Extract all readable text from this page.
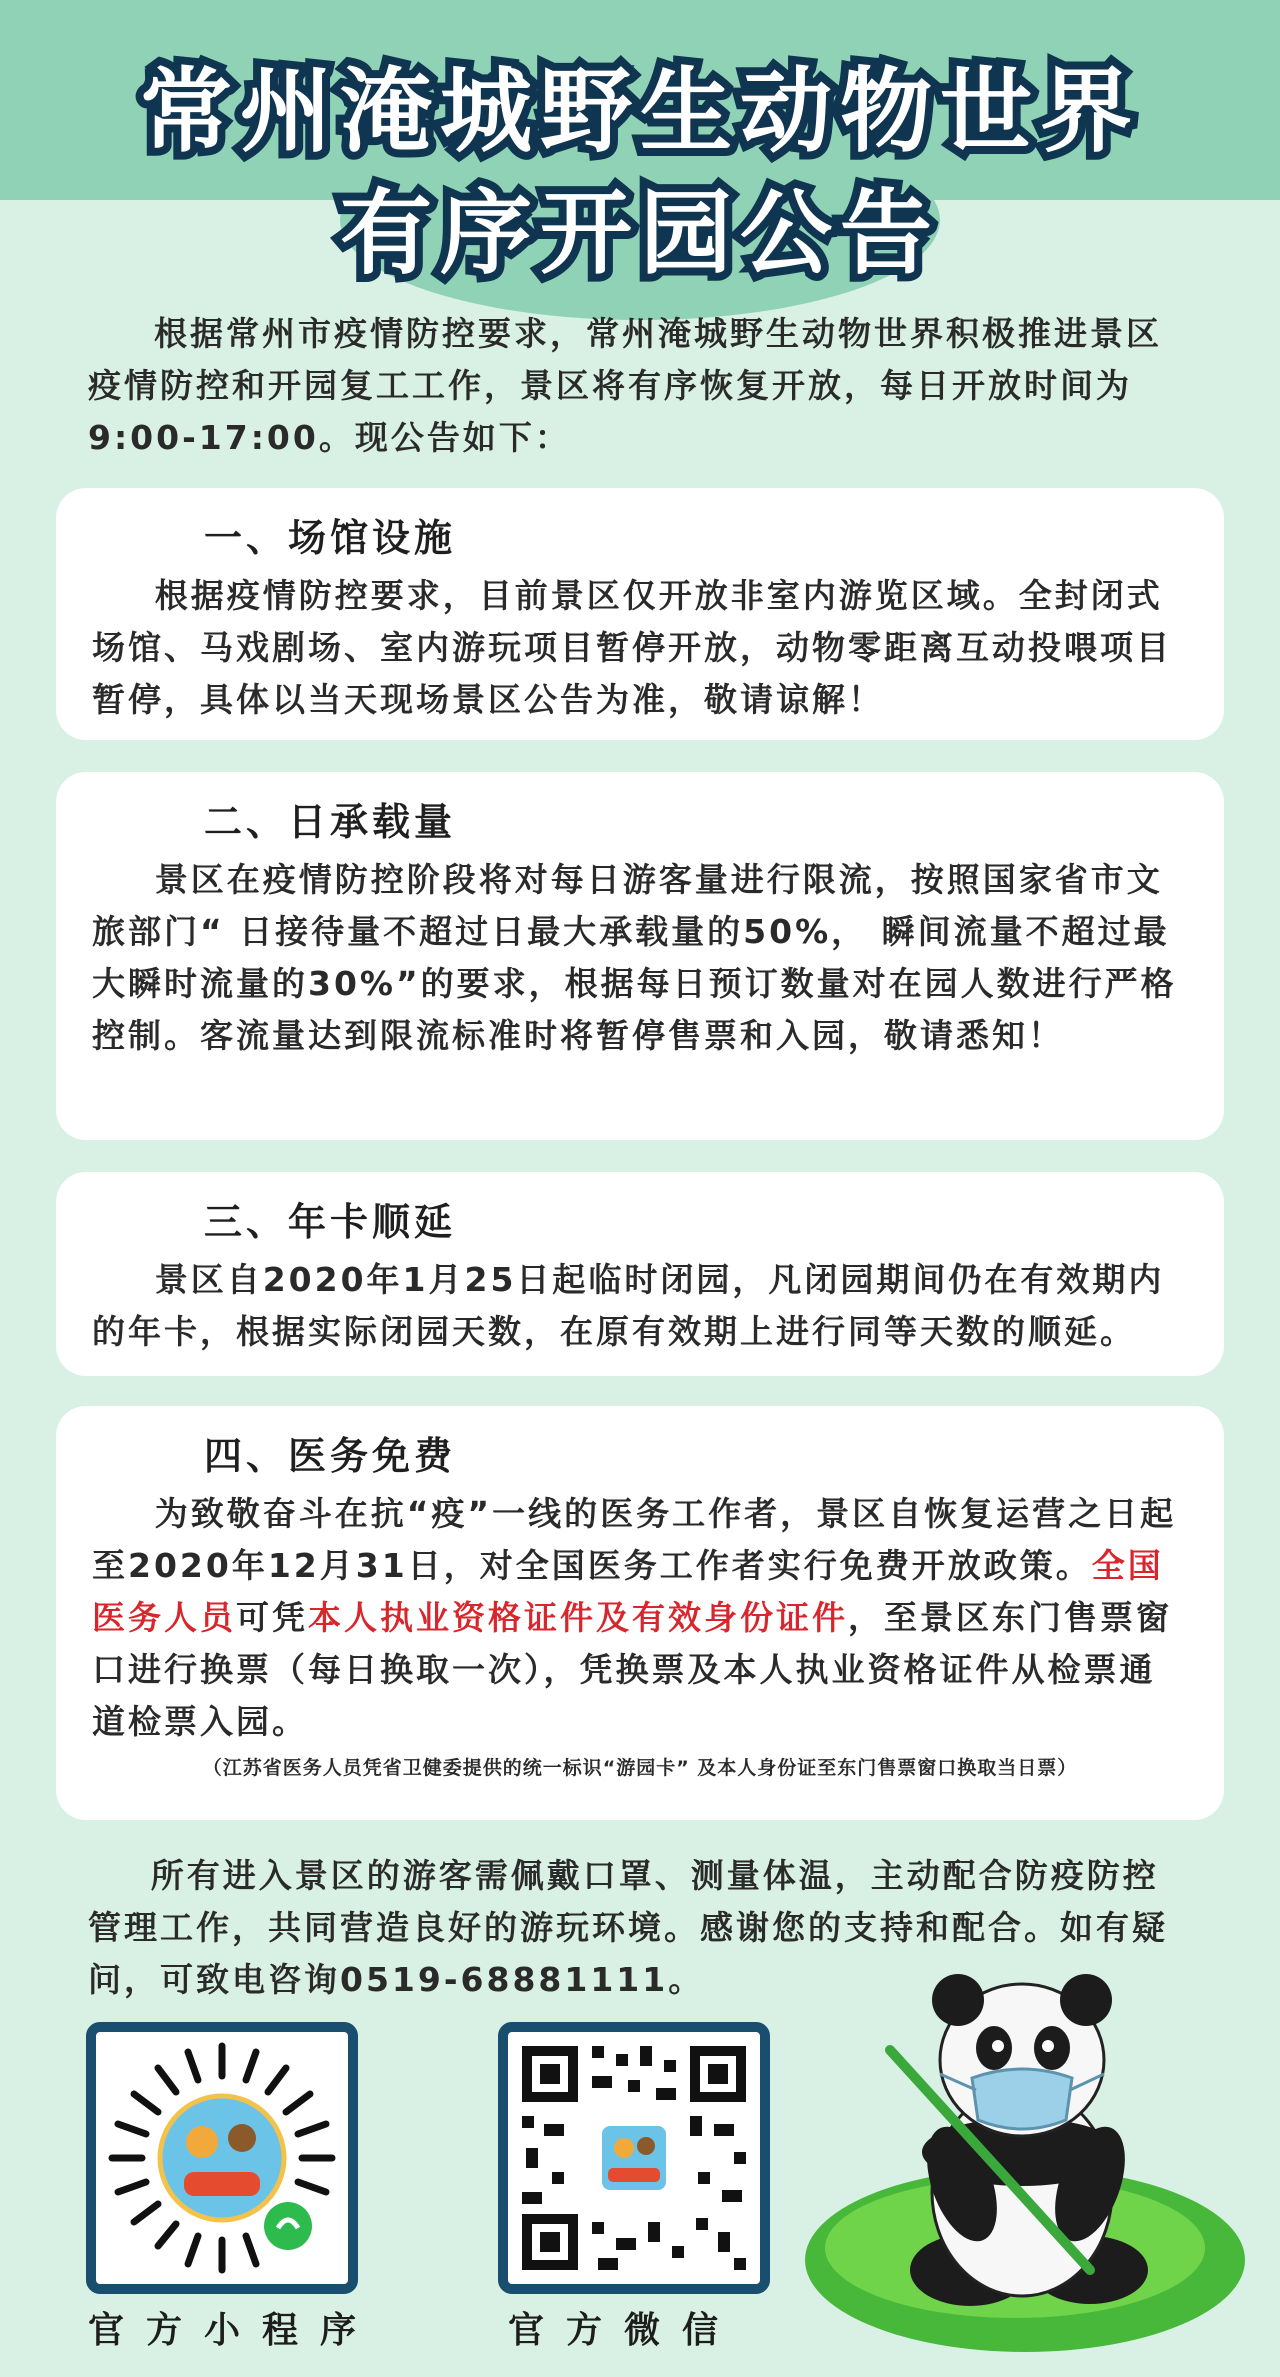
常州淹城野生动物世界
有序开园公告
根据常州市疫情防控要求，常州淹城野生动物世界积极推进景区疫情防控和开园复工工作，景区将有序恢复开放，每日开放时间为9:00-17:00。现公告如下：
一、场馆设施

根据疫情防控要求，目前景区仅开放非室内游览区域。全封闭式场馆、马戏剧场、室内游玩项目暂停开放，动物零距离互动投喂项目暂停，具体以当天现场景区公告为准，敬请谅解！

二、日承载量

景区在疫情防控阶段将对每日游客量进行限流，按照国家省市文旅部门“ 日接待量不超过日最大承载量的50%， 瞬间流量不超过最大瞬时流量的30%”的要求，根据每日预订数量对在园人数进行严格控制。客流量达到限流标准时将暂停售票和入园，敬请悉知！

三、年卡顺延

景区自2020年1月25日起临时闭园，凡闭园期间仍在有效期内的年卡，根据实际闭园天数，在原有效期上进行同等天数的顺延。

四、医务免费

为致敬奋斗在抗“疫”一线的医务工作者，景区自恢复运营之日起至2020年12月31日，对全国医务工作者实行免费开放政策。全国医务人员可凭本人执业资格证件及有效身份证件，至景区东门售票窗口进行换票（每日换取一次），凭换票及本人执业资格证件从检票通道检票入园。
（江苏省医务人员凭省卫健委提供的统一标识“游园卡” 及本人身份证至东门售票窗口换取当日票）

所有进入景区的游客需佩戴口罩、测量体温，主动配合防疫防控管理工作，共同营造良好的游玩环境。感谢您的支持和配合。如有疑问，可致电咨询0519-68881111。
官方小程序	官方微信
